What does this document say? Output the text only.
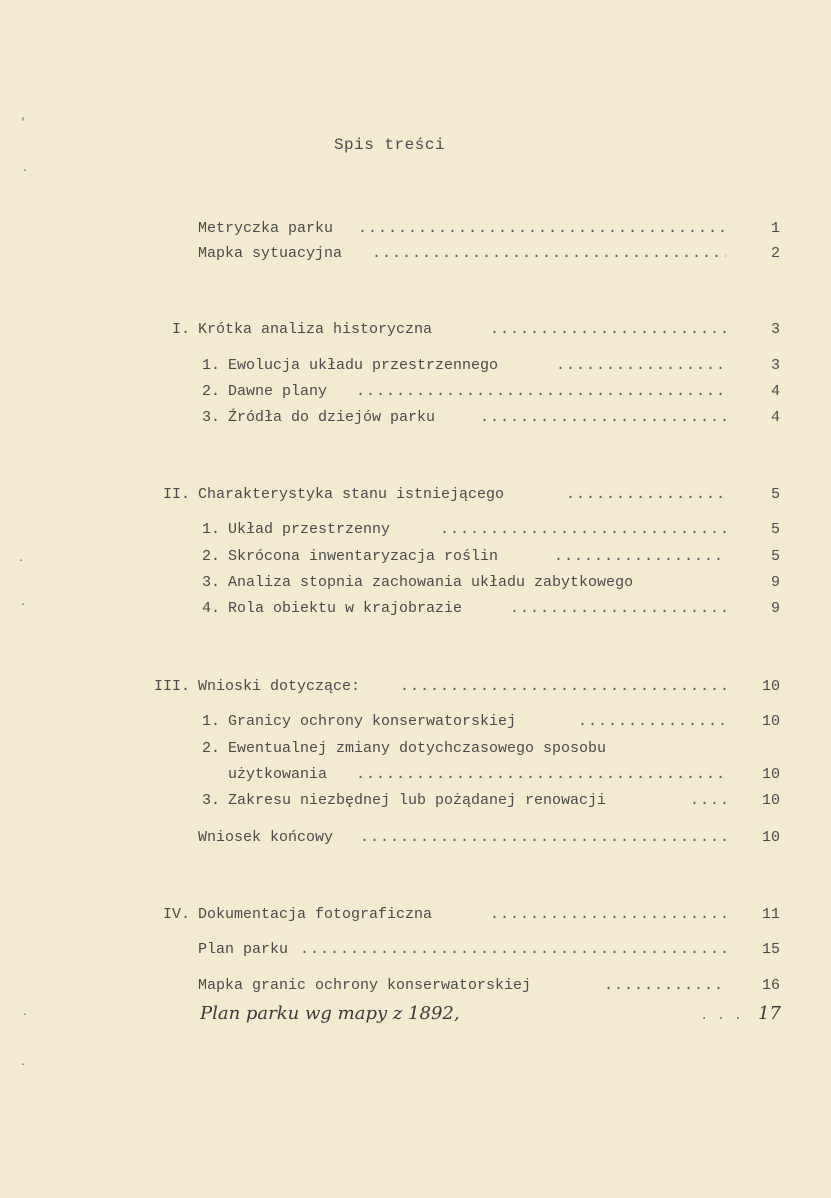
Spis treści
Metryczka parku .....	1
Mapka sytuacyjna .....	2
I. Krótka analiza historyczna .....	3
1. Ewolucja układu przestrzennego .....	3
2. Dawne plany .....	4
3. Źródła do dziejów parku .....	4
II. Charakterystyka stanu istniejącego .....	5
1. Układ przestrzenny .....	5
2. Skrócona inwentaryzacja roślin .....	5
3. Analiza stopnia zachowania układu zabytkowego	9
4. Rola obiektu w krajobrazie .....	9
III. Wnioski dotyczące: .....	10
1. Granicy ochrony konserwatorskiej .....	10
2. Ewentualnej zmiany dotychczasowego sposobu
użytkowania .....	10
3. Zakresu niezbędnej lub pożądanej renowacji .....	10
Wniosek końcowy .....	10
IV. Dokumentacja fotograficzna .....	11
Plan parku .....	15
Mapka granic ochrony konserwatorskiej .....	16
Plan parku wg mapy z 1892,	. . . 17
'
·
·
·
·
·
